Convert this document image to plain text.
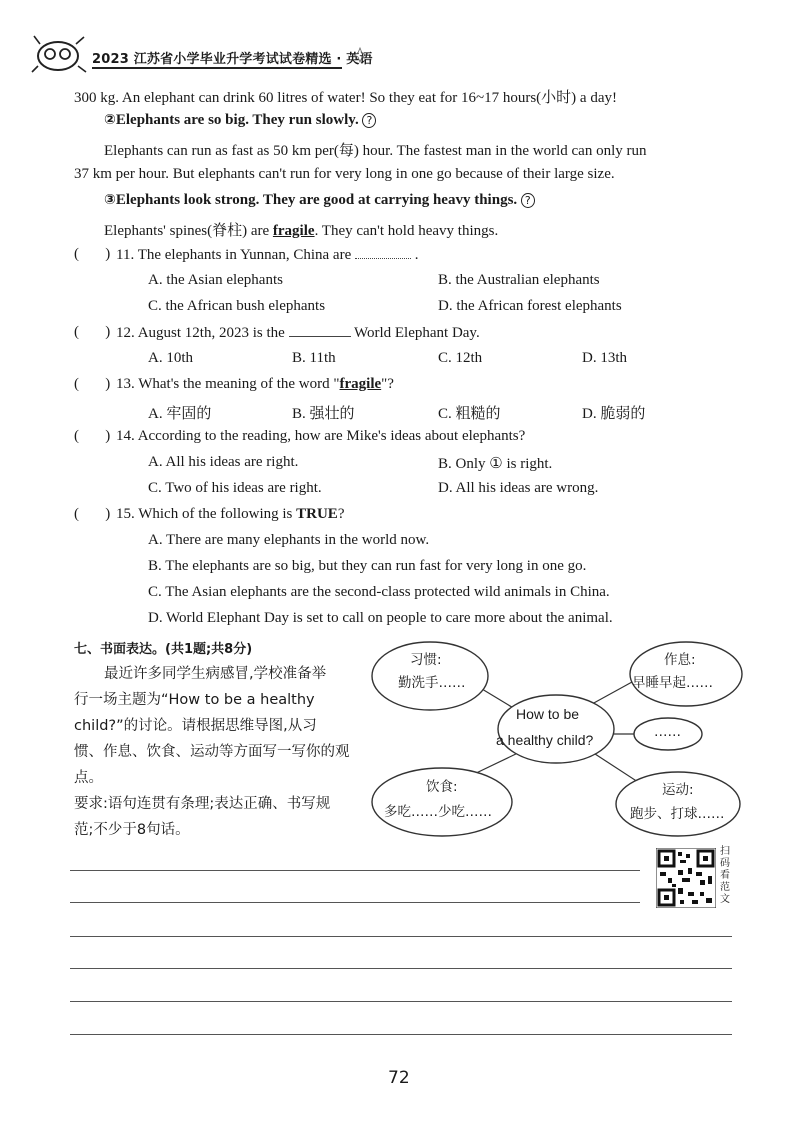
2023 江苏省小学毕业升学考试试卷精选 · 英语
300 kg. An elephant can drink 60 litres of water! So they eat for 16~17 hours(小时) a day!
②Elephants are so big. They run slowly. ?
Elephants can run as fast as 50 km per(每) hour. The fastest man in the world can only run
37 km per hour. But elephants can't run for very long in one go because of their large size.
③Elephants look strong. They are good at carrying heavy things. ?
Elephants' spines(脊柱) are fragile. They can't hold heavy things.
(       ) 11. The elephants in Yunnan, China are	.
A. the Asian elephants	B. the Australian elephants
C. the African bush elephants	D. the African forest elephants
(       ) 12. August 12th, 2023 is the	World Elephant Day.
A. 10th	B. 11th	C. 12th	D. 13th
(       ) 13. What's the meaning of the word "fragile"?
A. 牢固的	B. 强壮的	C. 粗糙的	D. 脆弱的
(       ) 14. According to the reading, how are Mike's ideas about elephants?
A. All his ideas are right.	B. Only ① is right.
C. Two of his ideas are right.	D. All his ideas are wrong.
(       ) 15. Which of the following is TRUE?
A. There are many elephants in the world now.
B. The elephants are so big, but they can run fast for very long in one go.
C. The Asian elephants are the second-class protected wild animals in China.
D. World Elephant Day is set to call on people to care more about the animal.
七、书面表达。(共1题;共8分)
最近许多同学生病感冒,学校准备举
行一场主题为“How to be a healthy
child?”的讨论。请根据思维导图,从习
惯、作息、饮食、运动等方面写一写你的观
点。
要求:语句连贯有条理;表达正确、书写规
范;不少于8句话。
习惯:
勤洗手……
作息:
早睡早起……
How to be
a healthy child?	……
饮食:
多吃……少吃……
运动:
跑步、打球……
扫码看范文
72
